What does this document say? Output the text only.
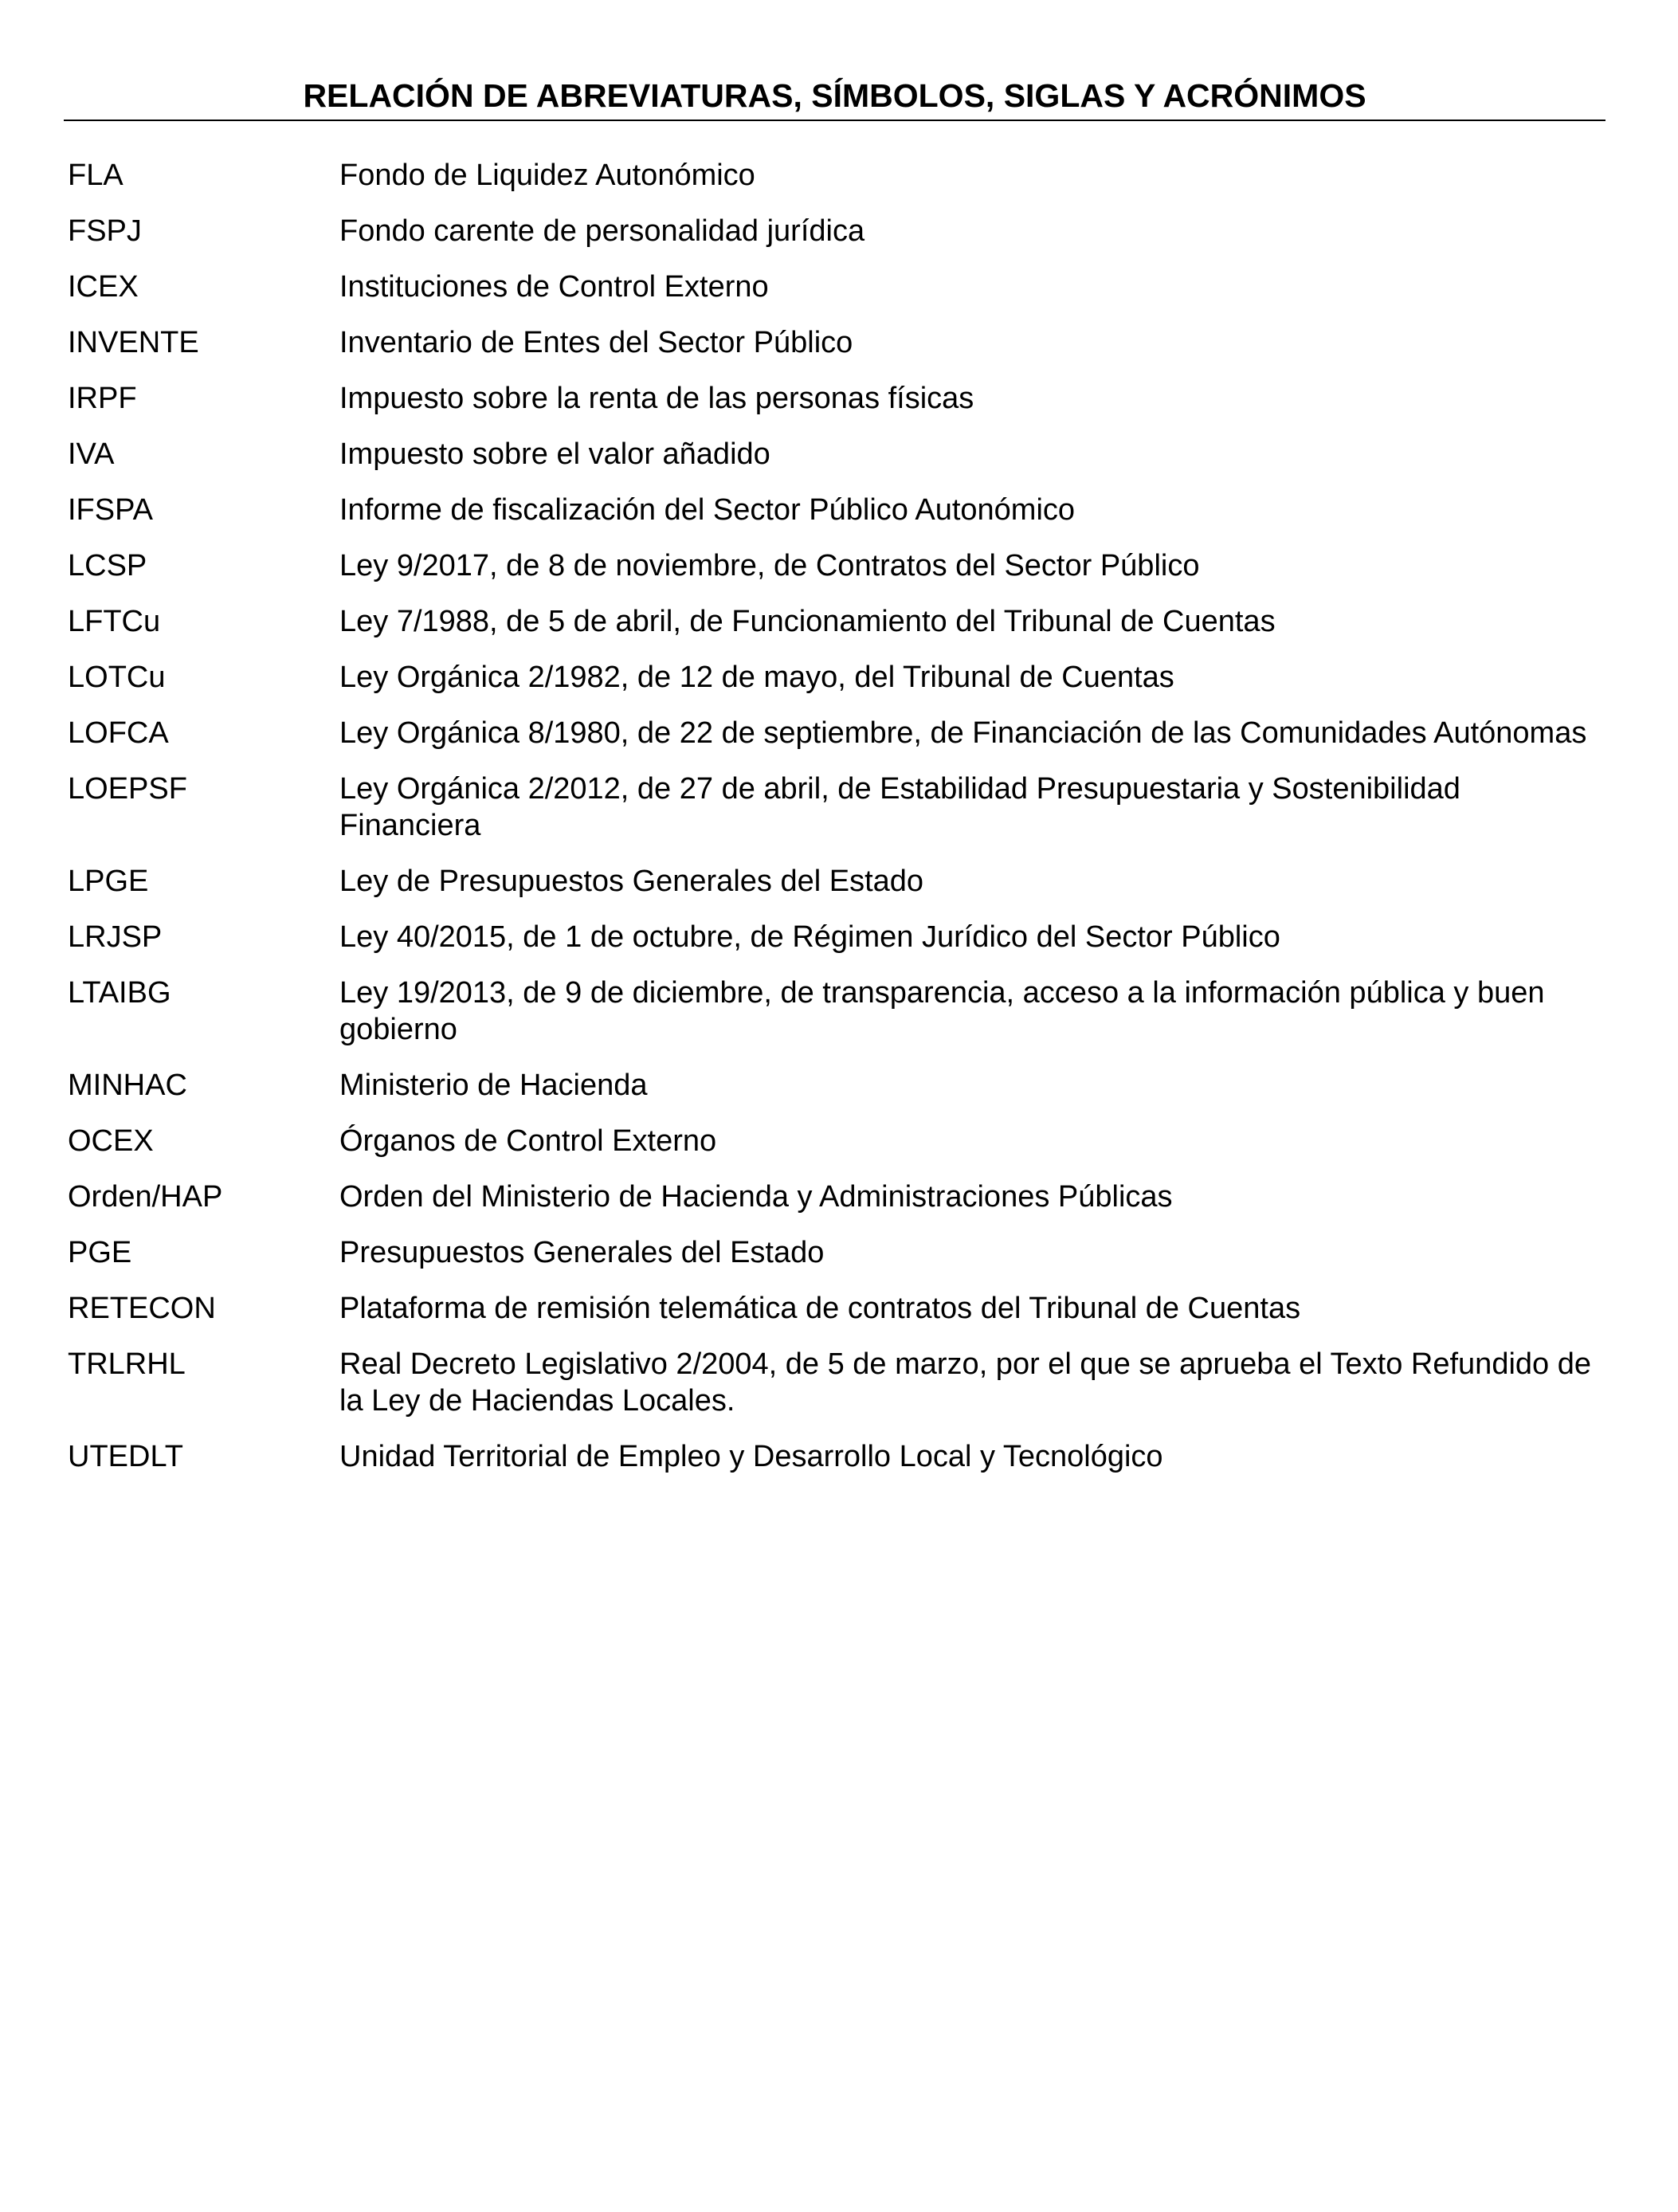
RELACIÓN DE ABREVIATURAS, SÍMBOLOS, SIGLAS Y ACRÓNIMOS
FLA	Fondo de Liquidez Autonómico
FSPJ	Fondo carente de personalidad jurídica
ICEX	Instituciones de Control Externo
INVENTE	Inventario de Entes del Sector Público
IRPF	Impuesto sobre la renta de las personas físicas
IVA	Impuesto sobre el valor añadido
IFSPA	Informe de fiscalización del Sector Público Autonómico
LCSP	Ley 9/2017, de 8 de noviembre, de Contratos del Sector Público
LFTCu	Ley 7/1988, de 5 de abril, de Funcionamiento del Tribunal de Cuentas
LOTCu	Ley Orgánica 2/1982, de 12 de mayo, del Tribunal de Cuentas
LOFCA	Ley Orgánica 8/1980, de 22 de septiembre, de Financiación de las Comunidades Autónomas
LOEPSF	Ley Orgánica 2/2012, de 27 de abril, de Estabilidad Presupuestaria y Sostenibilidad Financiera
LPGE	Ley de Presupuestos Generales del Estado
LRJSP	Ley 40/2015, de 1 de octubre, de Régimen Jurídico del Sector Público
LTAIBG	Ley 19/2013, de 9 de diciembre, de transparencia, acceso a la información pública y buen gobierno
MINHAC	Ministerio de Hacienda
OCEX	Órganos de Control Externo
Orden/HAP	Orden del Ministerio de Hacienda y Administraciones Públicas
PGE	Presupuestos Generales del Estado
RETECON	Plataforma de remisión telemática de contratos del Tribunal de Cuentas
TRLRHL	Real Decreto Legislativo 2/2004, de 5 de marzo, por el que se aprueba el Texto Refundido de la Ley de Haciendas Locales.
UTEDLT	Unidad Territorial de Empleo y Desarrollo Local y Tecnológico
